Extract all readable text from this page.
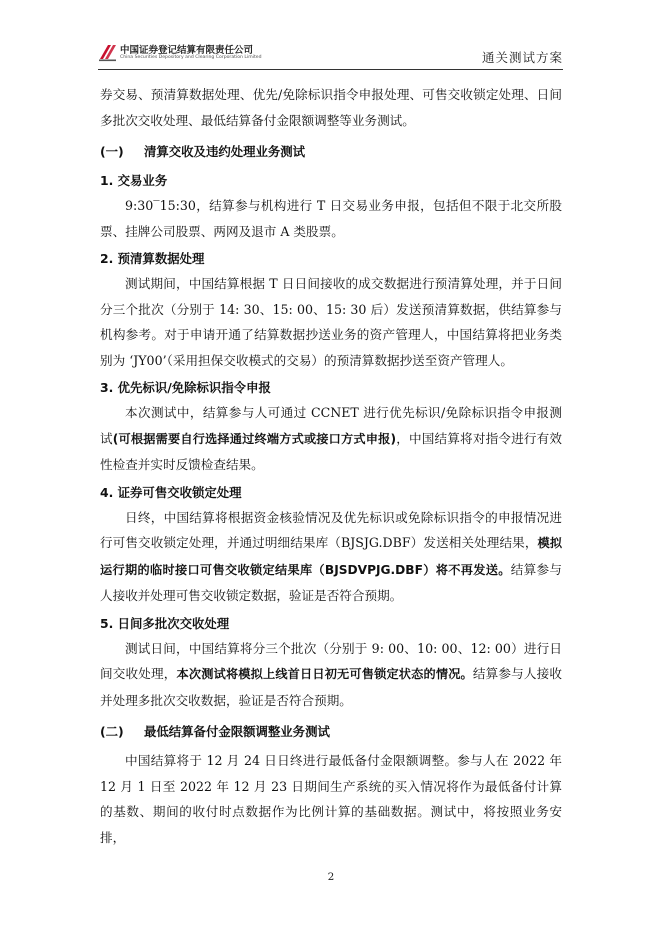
中国证券登记结算有限责任公司
China Securities Depository and Clearing Corporation Limited	通关测试方案

券交易、预清算数据处理、优先/免除标识指令申报处理、可售交收锁定处理、日间多批次交收处理、最低结算备付金限额调整等业务测试。

(一) 清算交收及违约处理业务测试
1. 交易业务

9:30‾15:30，结算参与机构进行 T 日交易业务申报，包括但不限于北交所股票、挂牌公司股票、两网及退市 A 类股票。

2. 预清算数据处理

测试期间，中国结算根据 T 日日间接收的成交数据进行预清算处理，并于日间分三个批次（分别于 14: 30、15: 00、15: 30 后）发送预清算数据，供结算参与机构参考。对于申请开通了结算数据抄送业务的资产管理人，中国结算将把业务类别为 ‘JY00’（采用担保交收模式的交易）的预清算数据抄送至资产管理人。

3. 优先标识/免除标识指令申报

本次测试中，结算参与人可通过 CCNET 进行优先标识/免除标识指令申报测试(可根据需要自行选择通过终端方式或接口方式申报)，中国结算将对指令进行有效性检查并实时反馈检查结果。

4. 证券可售交收锁定处理

日终，中国结算将根据资金核验情况及优先标识或免除标识指令的申报情况进行可售交收锁定处理，并通过明细结果库（BJSJG.DBF）发送相关处理结果，模拟运行期的临时接口可售交收锁定结果库（BJSDVPJG.DBF）将不再发送。结算参与人接收并处理可售交收锁定数据，验证是否符合预期。

5. 日间多批次交收处理

测试日间，中国结算将分三个批次（分别于 9: 00、10: 00、12: 00）进行日间交收处理，本次测试将模拟上线首日日初无可售锁定状态的情况。结算参与人接收并处理多批次交收数据，验证是否符合预期。

(二) 最低结算备付金限额调整业务测试

中国结算将于 12 月 24 日日终进行最低备付金限额调整。参与人在 2022 年 12 月 1 日至 2022 年 12 月 23 日期间生产系统的买入情况将作为最低备付计算的基数、期间的收付时点数据作为比例计算的基础数据。测试中，将按照业务安排，

2
